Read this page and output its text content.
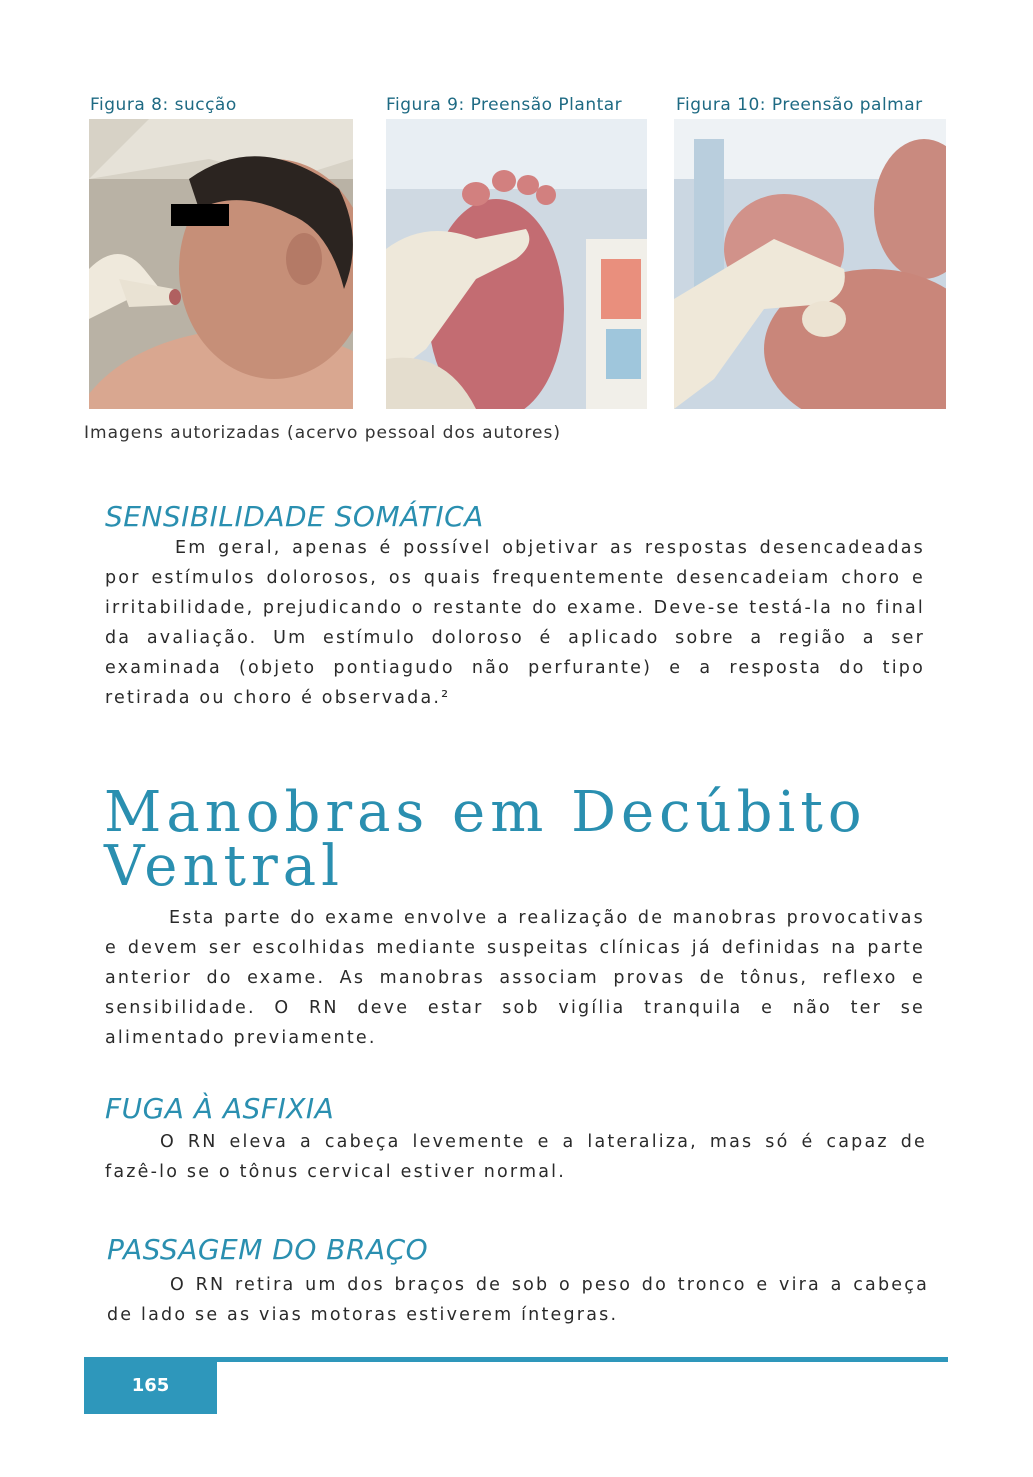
Figura 8: sucção	Figura 9: Preensão Plantar	Figura 10: Preensão palmar
Imagens autorizadas (acervo pessoal dos autores)
SENSIBILIDADE SOMÁTICA
Em geral, apenas é possível objetivar as respostas desencadeadas por estímulos dolorosos, os quais frequentemente desencadeiam choro e irritabilidade, prejudicando o restante do exame. Deve-se testá-la no final da avaliação. Um estímulo doloroso é aplicado sobre a região a ser examinada (objeto pontiagudo não perfurante) e a resposta do tipo retirada ou choro é observada.²
Manobras em Decúbito
Ventral
Esta parte do exame envolve a realização de manobras provocativas e devem ser escolhidas mediante suspeitas clínicas já definidas na parte anterior do exame. As manobras associam provas de tônus, reflexo e sensibilidade. O RN deve estar sob vigília tranquila e não ter se alimentado previamente.
FUGA À ASFIXIA
O RN eleva a cabeça levemente e a lateraliza, mas só é capaz de fazê-lo se o tônus cervical estiver normal.
PASSAGEM DO BRAÇO
O RN retira um dos braços de sob o peso do tronco e vira a cabeça de lado se as vias motoras estiverem íntegras.
165
